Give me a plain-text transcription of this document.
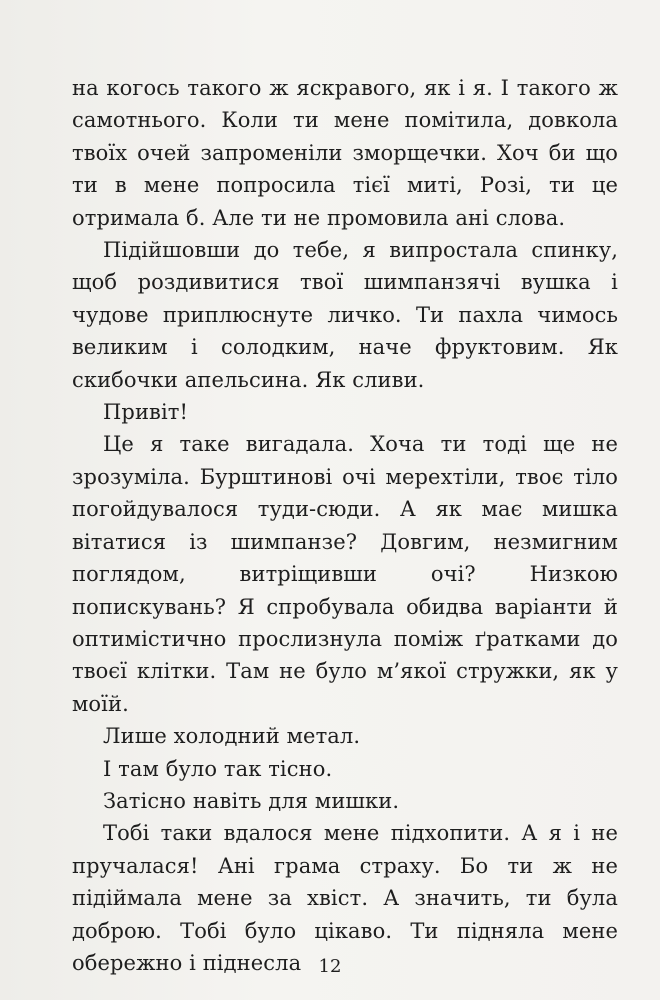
на когось такого ж яскравого, як і я. І такого ж самотнього. Коли ти мене помітила, довкола твоїх очей запроменіли зморщечки. Хоч би що ти в мене попросила тієї миті, Розі, ти це отримала б. Але ти не промовила ані слова.

Підійшовши до тебе, я випростала спинку, щоб роздивитися твої шимпанзячі вушка і чудове приплюснуте личко. Ти пахла чимось великим і солодким, наче фруктовим. Як скибочки апельсина. Як сливи.

Привіт!

Це я таке вигадала. Хоча ти тоді ще не зрозуміла. Бурштинові очі мерехтіли, твоє тіло погойдувалося туди-сюди. А як має мишка вітатися із шимпанзе? Довгим, незмигним поглядом, витріщивши очі? Низкою попискувань? Я спробувала обидва варіанти й оптимістично прослизнула поміж ґратками до твоєї клітки. Там не було м’якої стружки, як у моїй.

Лише холодний метал.

І там було так тісно.

Затісно навіть для мишки.

Тобі таки вдалося мене підхопити. А я і не пручалася! Ані грама страху. Бо ти ж не підіймала мене за хвіст. А значить, ти була доброю. Тобі було цікаво. Ти підняла мене обережно і піднесла 12
